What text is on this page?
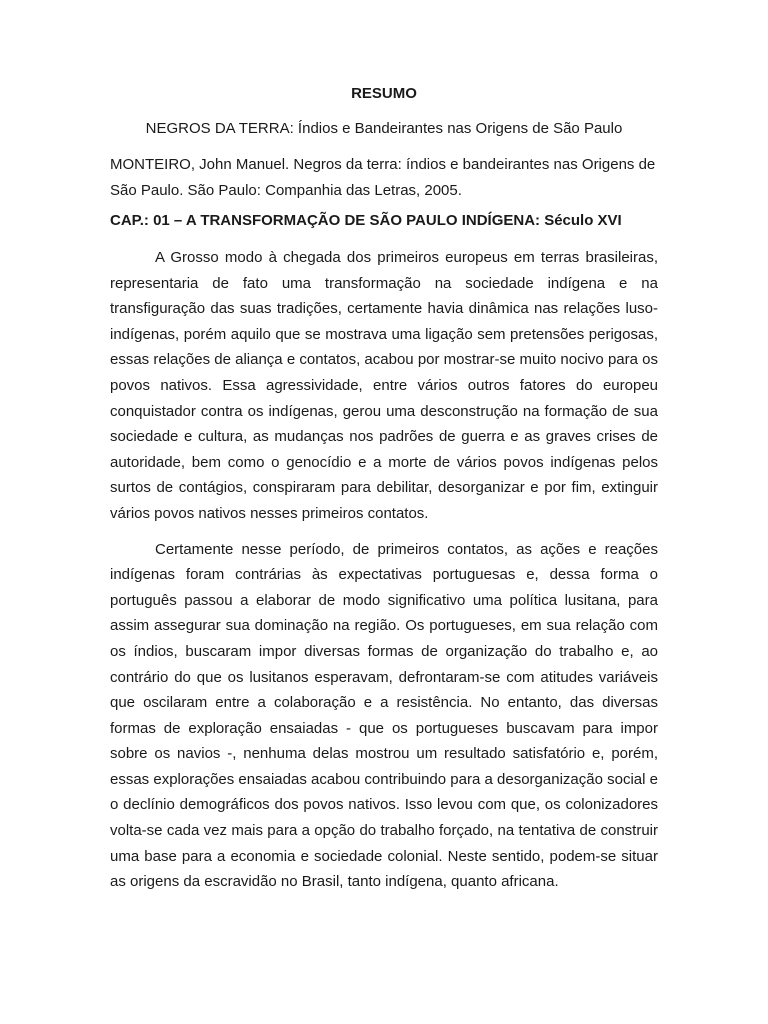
RESUMO
NEGROS DA TERRA: Índios e Bandeirantes nas Origens de São Paulo
MONTEIRO, John Manuel. Negros da terra: índios e bandeirantes nas Origens de São Paulo. São Paulo: Companhia das Letras, 2005.
CAP.: 01 – A TRANSFORMAÇÃO DE SÃO PAULO INDÍGENA: Século XVI

A Grosso modo à chegada dos primeiros europeus em terras brasileiras, representaria de fato uma transformação na sociedade indígena e na transfiguração das suas tradições, certamente havia dinâmica nas relações luso-indígenas, porém aquilo que se mostrava uma ligação sem pretensões perigosas, essas relações de aliança e contatos, acabou por mostrar-se muito nocivo para os povos nativos. Essa agressividade, entre vários outros fatores do europeu conquistador contra os indígenas, gerou uma desconstrução na formação de sua sociedade e cultura, as mudanças nos padrões de guerra e as graves crises de autoridade, bem como o genocídio e a morte de vários povos indígenas pelos surtos de contágios, conspiraram para debilitar, desorganizar e por fim, extinguir vários povos nativos nesses primeiros contatos.

Certamente nesse período, de primeiros contatos, as ações e reações indígenas foram contrárias às expectativas portuguesas e, dessa forma o português passou a elaborar de modo significativo uma política lusitana, para assim assegurar sua dominação na região. Os portugueses, em sua relação com os índios, buscaram impor diversas formas de organização do trabalho e, ao contrário do que os lusitanos esperavam, defrontaram-se com atitudes variáveis que oscilaram entre a colaboração e a resistência. No entanto, das diversas formas de exploração ensaiadas - que os portugueses buscavam para impor sobre os navios -, nenhuma delas mostrou um resultado satisfatório e, porém, essas explorações ensaiadas acabou contribuindo para a desorganização social e o declínio demográficos dos povos nativos. Isso levou com que, os colonizadores volta-se cada vez mais para a opção do trabalho forçado, na tentativa de construir uma base para a economia e sociedade colonial. Neste sentido, podem-se situar as origens da escravidão no Brasil, tanto indígena, quanto africana.
